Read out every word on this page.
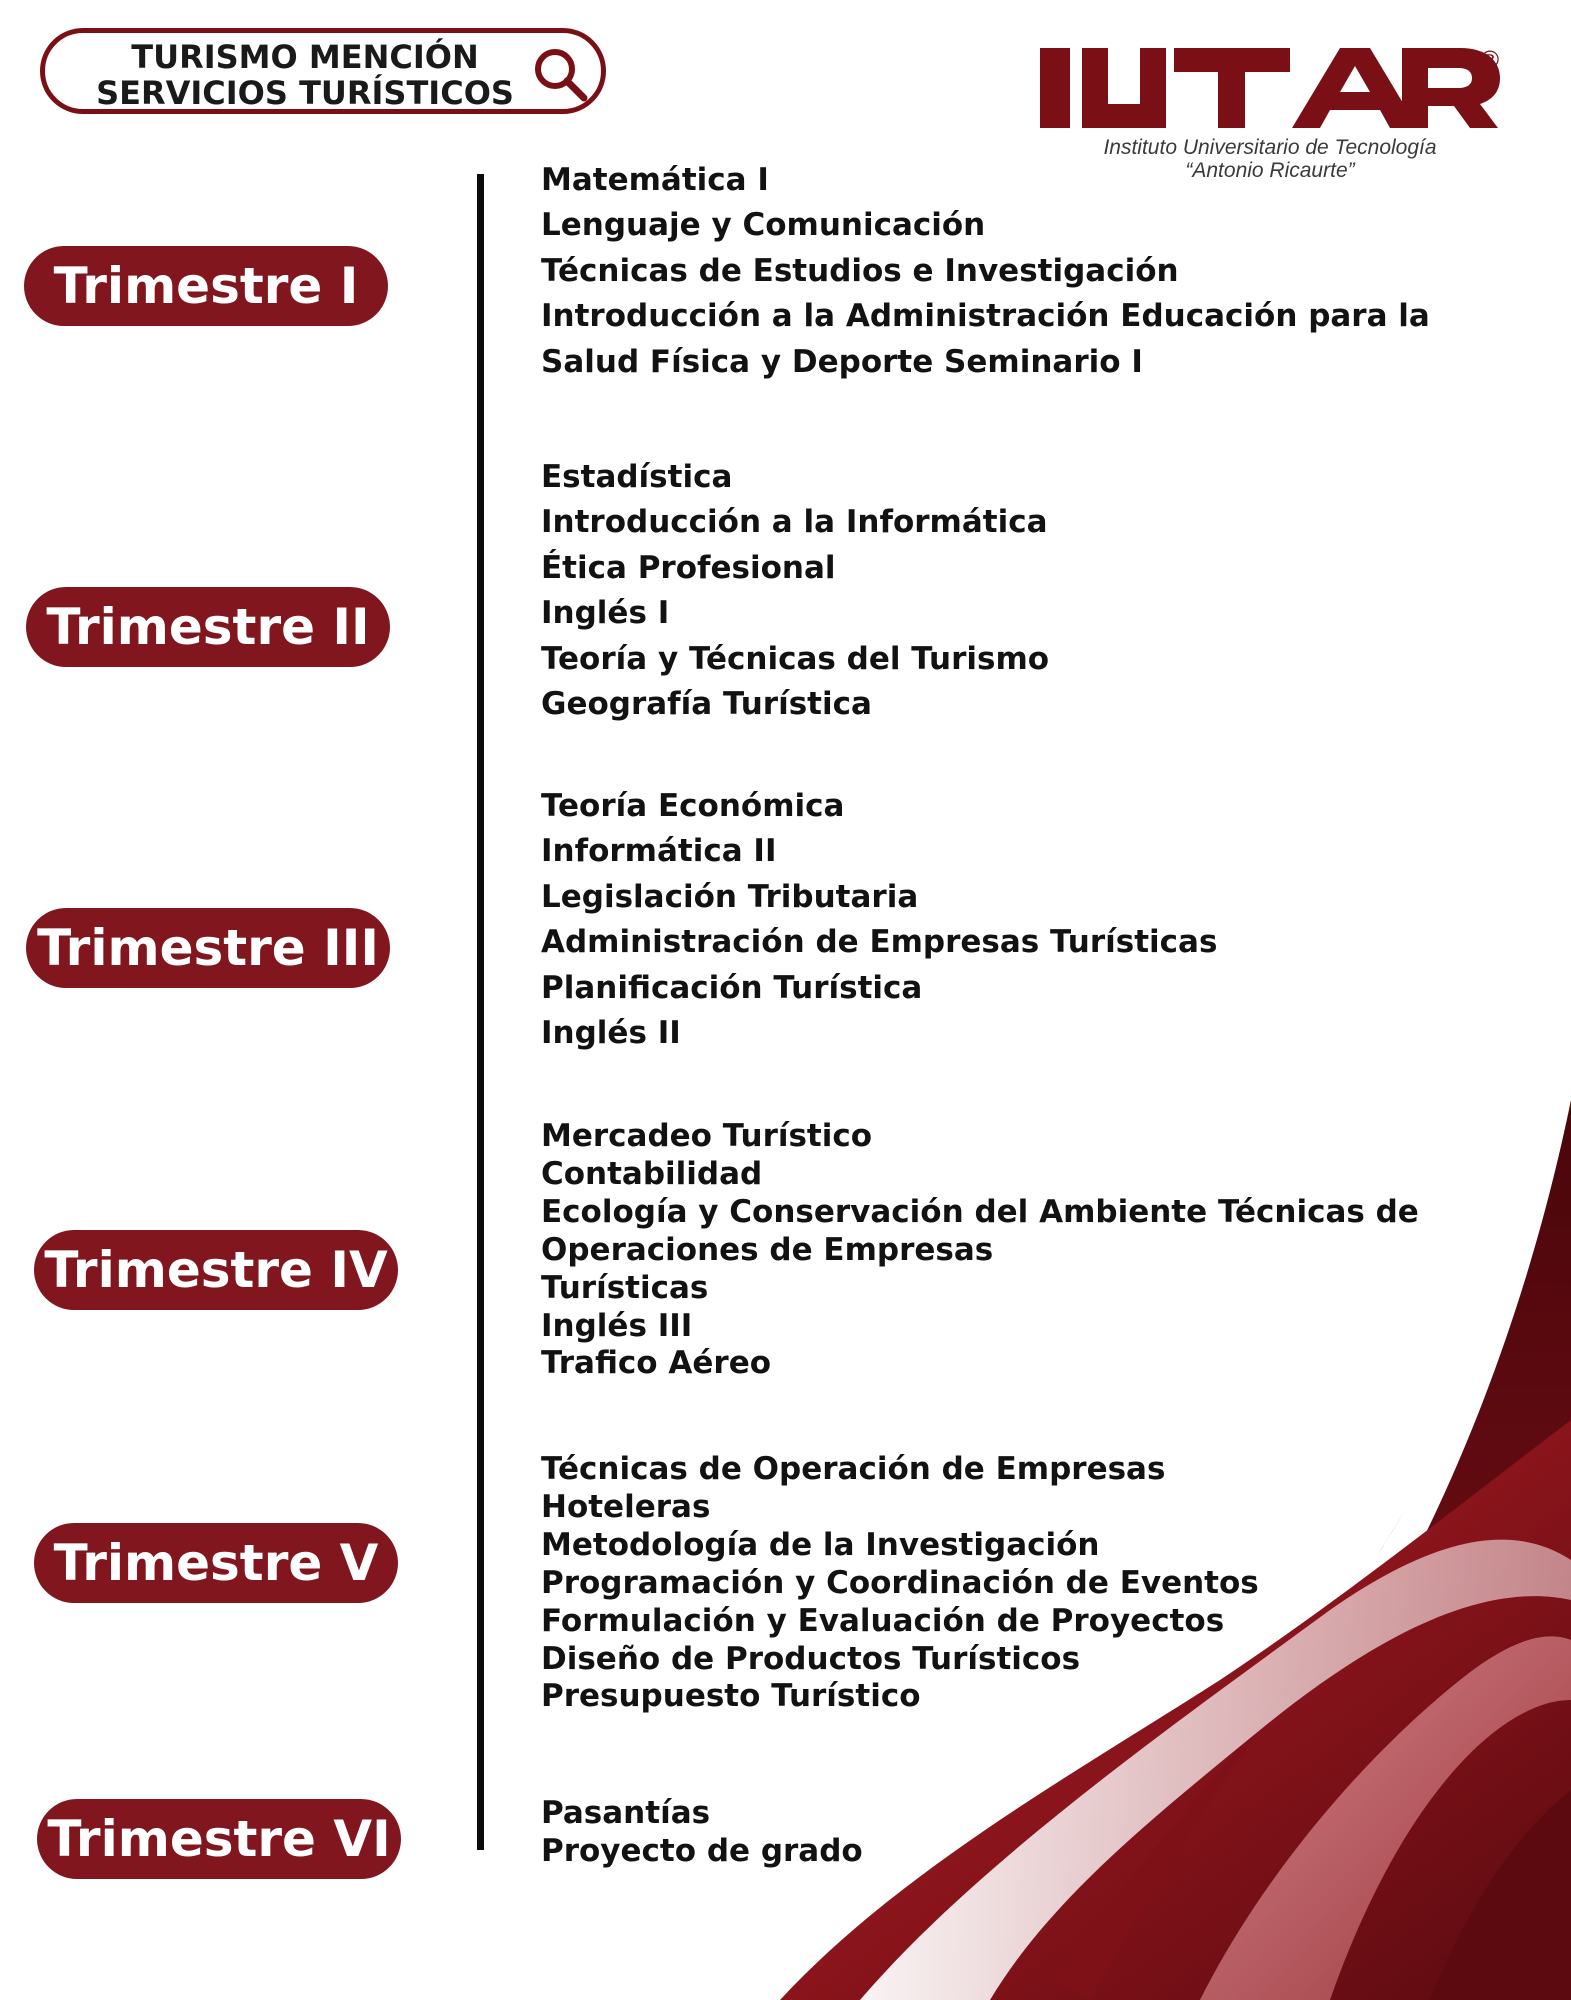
TURISMO MENCIÓN
SERVICIOS TURÍSTICOS
®
Instituto Universitario de Tecnología
“Antonio Ricaurte”
Trimestre I
Matemática I
Lenguaje y Comunicación
Técnicas de Estudios e Investigación
Introducción a la Administración Educación para la
Salud Física y Deporte Seminario I
Trimestre II
Estadística
Introducción a la Informática
Ética Profesional
Inglés I
Teoría y Técnicas del Turismo
Geografía Turística
Trimestre III
Teoría Económica
Informática II
Legislación Tributaria
Administración de Empresas Turísticas
Planificación Turística
Inglés II
Trimestre IV
Mercadeo Turístico
Contabilidad
Ecología y Conservación del Ambiente Técnicas de
Operaciones de Empresas
Turísticas
Inglés III
Trafico Aéreo
Trimestre V
Técnicas de Operación de Empresas
Hoteleras
Metodología de la Investigación
Programación y Coordinación de Eventos
Formulación y Evaluación de Proyectos
Diseño de Productos Turísticos
Presupuesto Turístico
Trimestre VI	Pasantías
Proyecto de grado
